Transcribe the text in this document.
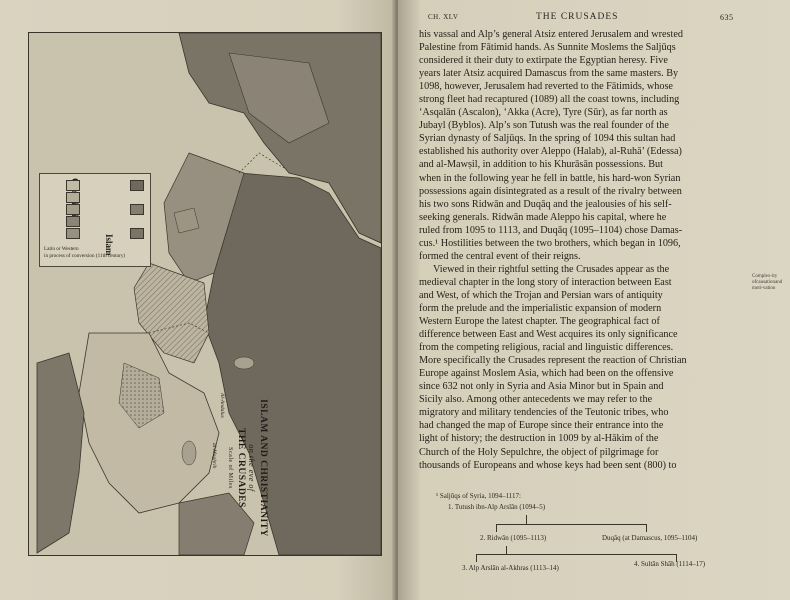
Islam
Latin or Western
in process of conversion (11th century)
Al-Andalus
al-Maghrib	ISLAM AND CHRISTIANITY
on the eve of
THE CRUSADES
Scale of Miles
CH. XLV	THE CRUSADES	635

his vassal and Alp’s general Atsiz entered Jerusalem and wrested
Palestine from Fātimid hands. As Sunnite Moslems the Saljūqs
considered it their duty to extirpate the Egyptian heresy. Five
years later Atsiz acquired Damascus from the same masters. By
1098, however, Jerusalem had reverted to the Fātimids, whose
strong fleet had recaptured (1089) all the coast towns, including
‘Asqalān (Ascalon), ‘Akka (Acre), Tyre (Sūr), as far north as
Jubayl (Byblos). Alp’s son Tutush was the real founder of the
Syrian dynasty of Saljūqs. In the spring of 1094 this sultan had
established his authority over Aleppo (Halab), al-Ruhā’ (Edessa)
and al-Mawṣil, in addition to his Khurāsān possessions. But
when in the following year he fell in battle, his hard-won Syrian
possessions again disintegrated as a result of the rivalry between
his two sons Ridwān and Duqāq and the jealousies of his self-
seeking generals. Ridwān made Aleppo his capital, where he
ruled from 1095 to 1113, and Duqāq (1095–1104) chose Damas-
cus.¹ Hostilities between the two brothers, which began in 1096,
formed the central event of their reigns.

Viewed in their rightful setting the Crusades appear as the
medieval chapter in the long story of interaction between East
and West, of which the Trojan and Persian wars of antiquity
form the prelude and the imperialistic expansion of modern
Western Europe the latest chapter. The geographical fact of
difference between East and West acquires its only significance
from the competing religious, racial and linguistic differences.
More specifically the Crusades represent the reaction of Christian
Europe against Moslem Asia, which had been on the offensive
since 632 not only in Syria and Asia Minor but in Spain and
Sicily also. Among other antecedents we may refer to the
migratory and military tendencies of the Teutonic tribes, who
had changed the map of Europe since their entrance into the
light of history; the destruction in 1009 by al-Hākim of the
Church of the Holy Sepulchre, the object of pilgrimage for
thousands of Europeans and whose keys had been sent (800) to

Complex-ity ofcausationand moti-vation
¹ Saljūqs of Syria, 1094–1117:
1. Tutush ibn-Alp Arslān (1094–5)
2. Ridwān (1095–1113)	Duqāq (at Damascus, 1095–1104)
3. Alp Arslān al-Akhras (1113–14)	4. Sultān Shāh (1114–17)
